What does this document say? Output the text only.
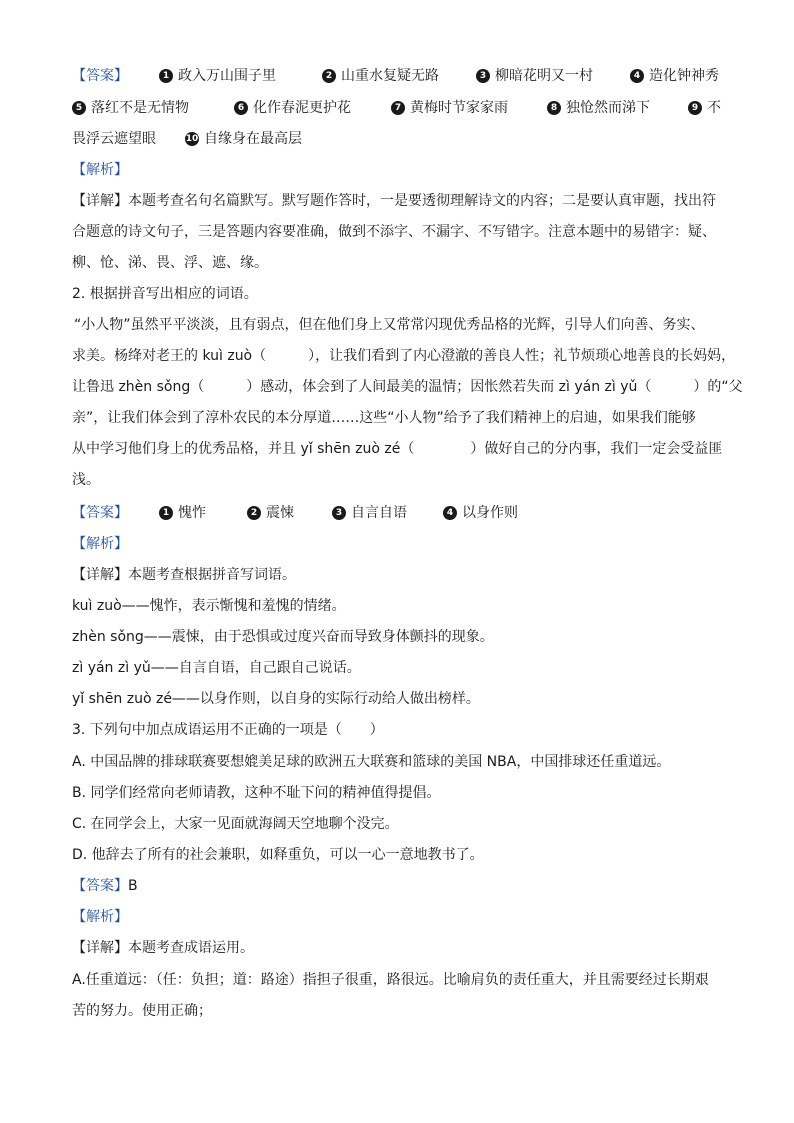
【答案】	1 政入万山围子里	2 山重水复疑无路	3 柳暗花明又一村	4 造化钟神秀
5 落红不是无情物	6 化作春泥更护花	7 黄梅时节家家雨	8 独怆然而涕下	9 不
畏浮云遮望眼	10 自缘身在最高层
【解析】
【详解】本题考查名句名篇默写。默写题作答时，一是要透彻理解诗文的内容；二是要认真审题，找出符
合题意的诗文句子，三是答题内容要准确，做到不添字、不漏字、不写错字。注意本题中的易错字：疑、
柳、怆、涕、畏、浮、遮、缘。
2. 根据拼音写出相应的词语。
“小人物”虽然平平淡淡，且有弱点，但在他们身上又常常闪现优秀品格的光辉，引导人们向善、务实、
求美。杨绛对老王的 kuì zuò（　　　），让我们看到了内心澄澈的善良人性；礼节烦琐心地善良的长妈妈，
让鲁迅 zhèn sǒng（　　　）感动，体会到了人间最美的温情；因怅然若失而 zì yán zì yǔ（　　　）的“父
亲”，让我们体会到了淳朴农民的本分厚道……这些“小人物”给予了我们精神上的启迪，如果我们能够
从中学习他们身上的优秀品格，并且 yǐ shēn zuò zé（　　　　）做好自己的分内事，我们一定会受益匪
浅。
【答案】	1 愧怍	2 震悚	3 自言自语	4 以身作则
【解析】
【详解】本题考查根据拼音写词语。
kuì zuò——愧怍，表示惭愧和羞愧的情绪。
zhèn sǒng——震悚，由于恐惧或过度兴奋而导致身体颤抖的现象。
zì yán zì yǔ——自言自语，自己跟自己说话。
yǐ shēn zuò zé——以身作则，以自身的实际行动给人做出榜样。
3. 下列句中加点成语运用不正确的一项是（　　）
A. 中国品牌的排球联赛要想媲美足球的欧洲五大联赛和篮球的美国 NBA，中国排球还任重道远。
B. 同学们经常向老师请教，这种不耻下问的精神值得提倡。
C. 在同学会上，大家一见面就海阔天空地聊个没完。
D. 他辞去了所有的社会兼职，如释重负，可以一心一意地教书了。
【答案】 B
【解析】
【详解】本题考查成语运用。
A.任重道远：（任：负担；道：路途）指担子很重，路很远。比喻肩负的责任重大，并且需要经过长期艰
苦的努力。使用正确；
